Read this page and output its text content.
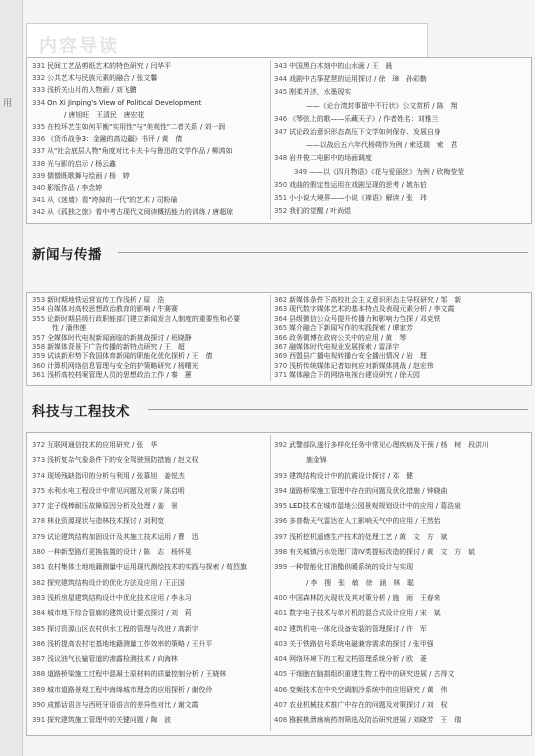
用
内容导读
331 民间工艺品剪纸艺术的特色研究 / 闫华平
332 公共艺术与民族元素的融合 / 张文馨
333 浅析关山月的人物画 / 刘飞鹏
334 On Xi Jinping's View of Political Development
/ 唐旭旺　王清民　唐宏花
335 在校环艺生如何平衡"实用性"与"美观性"二者关系 / 刘一润
336 《货币战争3：金融的高边疆》书评 / 黄　倩
337 从"社会底层人物"角度对比卡夫卡与鲁迅的文学作品 / 柳鸿如
338 光与影的启示 / 杨云鑫
339 儒僧既歌舞与绘画 / 杨　婷
340 影版作品 / 李念婷
341 从《迷墙》看"垮掉的一代"的艺术 / 司粉瑜
342 从《孤独之旅》看中考古现代文阅读概括能力的训练 / 唐超琼
343 中国黑白木刻中的山水画 / 王　晨
344 戏剧中古筝琵琶的运用探讨 / 徐　璋　孙彩勤
345 刚柔并济，水墨现实
——《论台湾封事留中不行状》公文赏析 / 陈　翔
346 《琴弦上的歌——乐藏天子》/ 作者姓名：刘雅兰
347 试论政治意识形态高压下文学如何保存、发展自身
——以战后五六年代杨朔作为例 / 索廷瑞　索　君
348 岩井俊二电影中的场面调度
349 ——以《四月物语》《花与爱丽丝》为例 / 欣梅莹莹
350 戏曲的假定性运用在戏剧呈现的思考 / 姚东伯
351 小小说大境界——小说《禅语》解读 / 张　玮
352 我们的觉醒 / 叶尚煜
新闻与传播
353 新时期地铁运营宣传工作浅析 / 原　浩
354 自媒体对高校思想政治教育的影响 / 牛赛赛
355 论新时期县级行政职能部门建立新闻发言人制度的重要性和必要
性 / 潘伟莲
357 全媒体时代电视新闻面临的新挑战探讨 / 班晓静
358 新媒体背景下广告传播的新特点研究 / 王　超
359 试谈新形势下我国体育新闻的职能化优化探析 / 王　倩
360 计算机网络信息管理与安全的护策略研究 / 杨曙光
361 浅析高校档案管理人员的思想政治工作 / 秦　蕙
362 新媒体条件下高校社会主义意识形态主导权研究 / 邹　新
363 现代数字媒体艺术的基本特点及表现元素分析 / 李文霞
364 县级微信公众号提升传播力和影响力刍探 / 邓克铁
365 媒介融合下新闻写作的实践探索 / 谭家芳
366 政务微博在政府公关中的应用 / 黄　琴
367 融媒体时代电视业发展探索 / 雷泽宇
369 西盟县广播电视转播台安全播出情况 / 岩　理
370 浅析传统媒体记者如何应对新媒体挑战 / 赵宏伟
371 媒体融合下的网络电视台建设研究 / 徐天园
科技与工程技术
372 互联网通信技术的应用研究 / 张　华
373 浅析复杂气象条件下的安全驾驶预防措施 / 赵文权
374 现场残缺指印的分析与利用 / 张慕旭　姜悦杰
375 水利水电工程设计中常见问题及对策 / 陈启明
377 定子线棒耐压故障原因分析及处理 / 姜　景
378 林业资源现状与造林技术探讨 / 刘利宽
379 试论建筑结构加固设计及其施工技术运用 / 曹　迅
380 一种新型路灯更换装置的设计 / 陈　志　杨怀晃
381 农村集体土地地籍测量中运用现代测绘技术的实践与探索 / 荀烈旗
382 探究建筑结构设计的优化方法及应用 / 王正国
383 浅析房屋建筑结构设计中优化技术应用 / 李永习
384 城市地下综合管廊的建筑设计要点探讨 / 刘　莉
385 探讨资源山区农村供水工程的管理与改进 / 高新宇
386 浅析提高农村宅基地地籍测量工作效率的策略 / 王升平
387 浅议油气长输管道的渗露检测技术 / 向海林
388 道路桥梁施工过程中混凝土原材料的质量控制分析 / 王晓林
389 城市道路景观工程中海绵城市理念的应用探析 / 谢佼伶
390 成都话语言与西班牙语语言的差异性对比 / 谢文霞
391 探究建筑施工管理中的关键问题 / 陶　波
392 武警部队遂行多样化任务中常见心理疾病及干预 / 杨　树　段洪川
施金锦
393 建筑结构设计中的抗震设计探讨 / 邓　健
394 道路桥梁施工管理中存在的问题及优化措施 / 钟晓曲
395 LED技术在城市湿地公园景观规划设计中的应用 / 葛浩泉
396 多普勒天气雷达在人工影响天气中的应用 / 王然怡
397 浅析挖机遥感生产技术的处理工艺 / 黄　文　方　斌
398 有关城镇污水处理厂清IV类提标改造的探讨 / 黄　文　方　斌
399 一种智能化甘油酯供暖系统的设计与实现
/ 李　搜　张　敏　徐　涵　林　聪
400 中国森林防火现状及其对策分析 / 施　雨　王春来
401 数字电子技术与单片机的混合式设计应用 / 宋　斌
402 建筑机电一体化设备安装的管理探讨 / 许　军
403 关于铁路信号系统电磁兼容需求的探讨 / 张甲强
404 网络环境下的工程文档管理系统分析 / 欧　菱
405 干细胞在脑损组织重建生物工程中的研究进展 / 古得文
406 变频技术在中央空调制冷系统中的应用研究 / 黄　伟
407 农业机械技术推广中存在的问题及对策探讨 / 刘　权
408 猕猴桃溃疡病药剂筛选及防治研究进展 / 刘晓芳　王　瑞
